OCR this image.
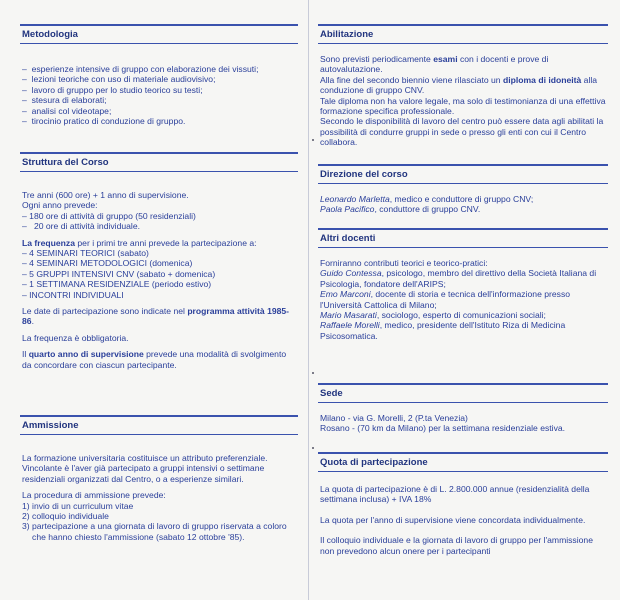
Metodologia
– esperienze intensive di gruppo con elaborazione dei vissuti;
– lezioni teoriche con uso di materiale audiovisivo;
– lavoro di gruppo per lo studio teorico su testi;
– stesura di elaborati;
– analisi col videotape;
– tirocinio pratico di conduzione di gruppo.
Struttura del Corso

Tre anni (600 ore) + 1 anno di supervisione.

Ogni anno prevede:

– 180 ore di attività di gruppo (50 residenziali)
– 20 ore di attività individuale.

La frequenza per i primi tre anni prevede la partecipazione a:

– 4 SEMINARI TEORICI (sabato)
– 4 SEMINARI METODOLOGICI (domenica)
– 5 GRUPPI INTENSIVI CNV (sabato + domenica)
– 1 SETTIMANA RESIDENZIALE (periodo estivo)
– INCONTRI INDIVIDUALI

Le date di partecipazione sono indicate nel programma attività 1985-86.

La frequenza è obbligatoria.

Il quarto anno di supervisione prevede una modalità di svolgimento da concordare con ciascun partecipante.

Ammissione

La formazione universitaria costituisce un attributo preferenziale. Vincolante è l'aver già partecipato a gruppi intensivi o settimane residenziali organizzati dal Centro, o a esperienze similari.

La procedura di ammissione prevede:

1) invio di un curriculum vitae
2) colloquio individuale
3) partecipazione a una giornata di lavoro di gruppo riservata a coloro che hanno chiesto l'ammissione (sabato 12 ottobre '85).
Abilitazione

Sono previsti periodicamente esami con i docenti e prove di autovalutazione.

Alla fine del secondo biennio viene rilasciato un diploma di idoneità alla conduzione di gruppo CNV.

Tale diploma non ha valore legale, ma solo di testimonianza di una effettiva formazione specifica professionale.

Secondo le disponibilità di lavoro del centro può essere data agli abilitati la possibilità di condurre gruppi in sede o presso gli enti con cui il Centro collabora.

Direzione del corso

Leonardo Marletta, medico e conduttore di gruppo CNV;

Paola Pacifico, conduttore di gruppo CNV.

Altri docenti

Forniranno contributi teorici e teorico-pratici:

Guido Contessa, psicologo, membro del direttivo della Società Italiana di Psicologia, fondatore dell'ARIPS;

Emo Marconi, docente di storia e tecnica dell'informazione presso l'Università Cattolica di Milano;

Mario Masarati, sociologo, esperto di comunicazioni sociali;

Raffaele Morelli, medico, presidente dell'Istituto Riza di Medicina Psicosomatica.

Sede

Milano - via G. Morelli, 2 (P.ta Venezia)

Rosano - (70 km da Milano) per la settimana residenziale estiva.

Quota di partecipazione

La quota di partecipazione è di L. 2.800.000 annue (residenzialità della settimana inclusa) + IVA 18%

La quota per l'anno di supervisione viene concordata individualmente.

Il colloquio individuale e la giornata di lavoro di gruppo per l'ammissione non prevedono alcun onere per i partecipanti
